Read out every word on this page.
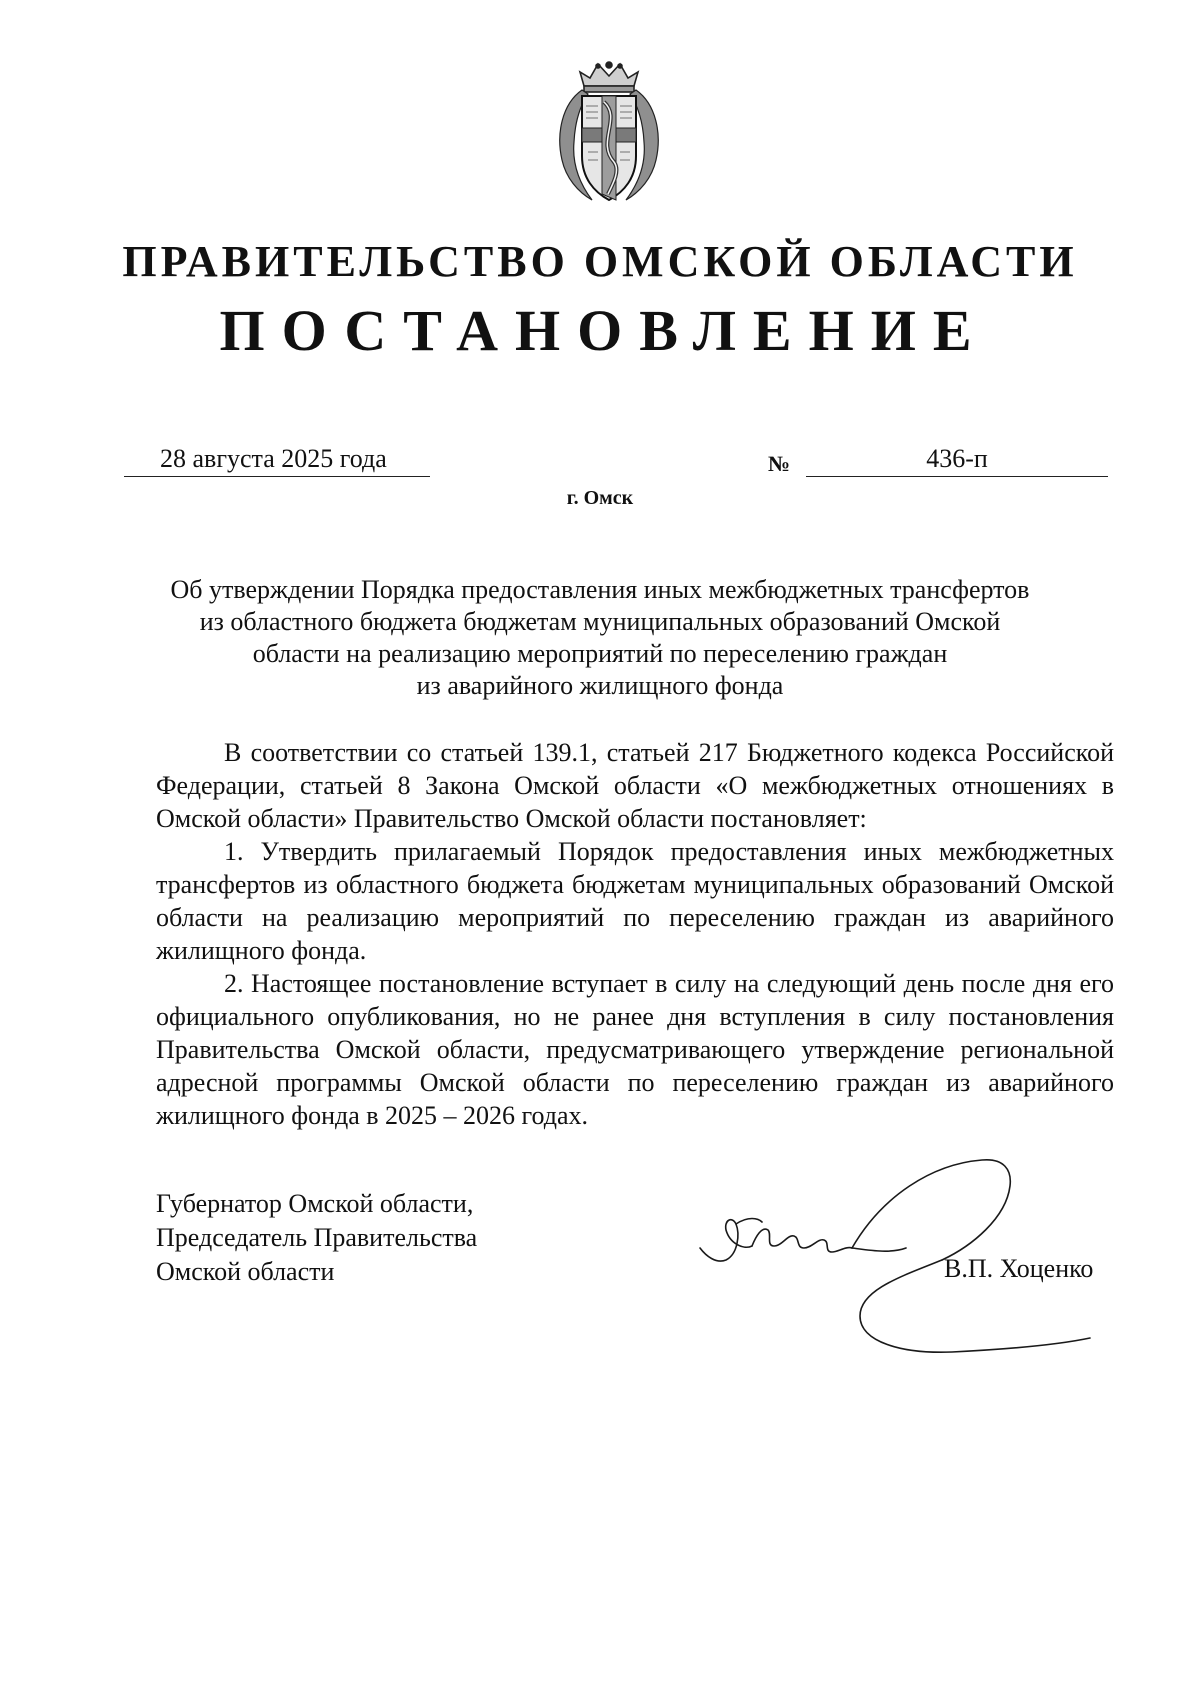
ПРАВИТЕЛЬСТВО ОМСКОЙ ОБЛАСТИ
ПОСТАНОВЛЕНИЕ
28 августа 2025 года	№	436-п
г. Омск
Об утверждении Порядка предоставления иных межбюджетных трансфертов
из областного бюджета бюджетам муниципальных образований Омской
области на реализацию мероприятий по переселению граждан
из аварийного жилищного фонда

В соответствии со статьей 139.1, статьей 217 Бюджетного кодекса Российской Федерации, статьей 8 Закона Омской области «О межбюджетных отношениях в Омской области» Правительство Омской области постановляет:

1. Утвердить прилагаемый Порядок предоставления иных межбюджетных трансфертов из областного бюджета бюджетам муниципальных образований Омской области на реализацию мероприятий по переселению граждан из аварийного жилищного фонда.

2. Настоящее постановление вступает в силу на следующий день после дня его официального опубликования, но не ранее дня вступления в силу постановления Правительства Омской области, предусматривающего утверждение региональной адресной программы Омской области по переселению граждан из аварийного жилищного фонда в 2025 – 2026 годах.

Губернатор Омской области,
Председатель Правительства
Омской области	В.П. Хоценко
